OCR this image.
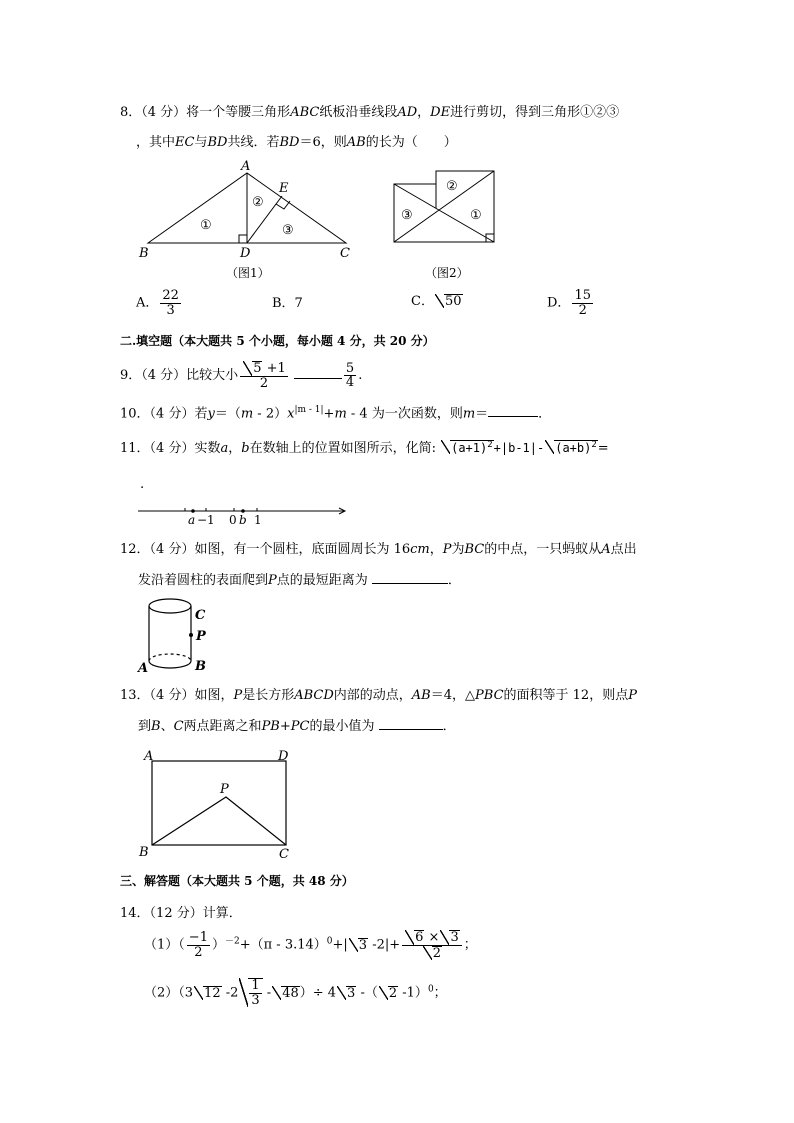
8．（4 分）将一个等腰三角形ABC纸板沿垂线段AD，DE进行剪切，得到三角形①②③
，其中EC与BD共线．若BD＝6，则AB的长为（　　）
A
B	C
D
E
①
②
③
（图1）
①
②
③
（图2）
A． $\frac{22}{3}$	B．7	C． 50	D． $\frac{15}{2}$
二.填空题（本大题共 5 个小题，每小题 4 分，共 20 分）
9．（4 分）比较大小 $\frac{5 +1}{2}$
	$\frac{5}{4}$ .
10．（4 分）若$y=(m - 2)x^{|m - 1|}+m - 4$ 为一次函数，则m＝	．
11．（4 分）实数a，b在数轴上的位置如图所示，化简: $(a+1)^2+|b-1|-$ $(a+b)^2=$
.
a −1 0 b 1
12．（4 分）如图，有一个圆柱，底面圆周长为 16cm，P为BC的中点，一只蚂蚁从A点出
发沿着圆柱的表面爬到P点的最短距离为	．
C
P
A	B
13．（4 分）如图，P是长方形ABCD内部的动点，AB＝4，△PBC的面积等于 12，则点P
到B、C两点距离之和PB+PC的最小值为	．
A	D
B	C
P
三、解答题（本大题共 5 个题，共 48 分）
14．（12 分）计算．
$(1)( \frac{-1}{2} )^{-2}+(\pi - 3.14)^0+|$ 3 $-2|+ \frac{6 \times 3}{2}$ ；
（2）（3 12 $-2 \frac{1}{3} - 48)\div 4$ 3 -（ 2 -1）$^0$；
